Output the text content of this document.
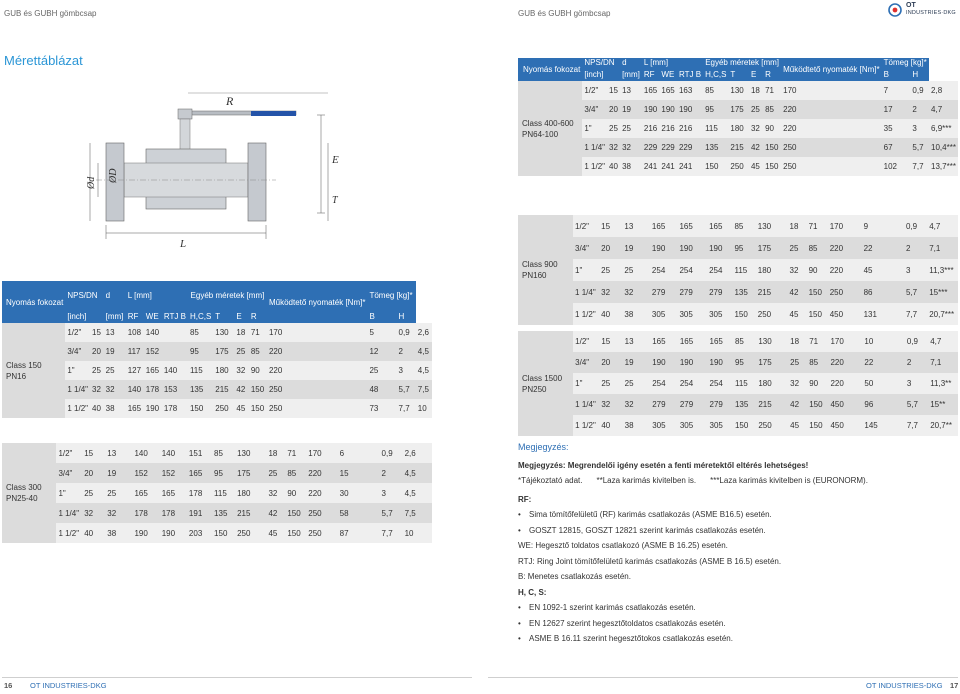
GUB és GUBH gömbcsap	GUB és GUBH gömbcsap
OT
INDUSTRIES·DKG
Mérettáblázat
R
E
T
L
Ød ØD
Nyomás fokozat	NPS/DN		d	L [mm]			Egyéb méretek [mm]				Működtető nyomaték [Nm]*	Tömeg [kg]*		
	[inch]		[mm]	RF	WE	RTJ B	H,C,S	T	E	R		B	H	
Class 400-600 PN64-100	1/2"	15	13	165	165	163	85	130	18	71	170	7	0,9	2,8
	3/4"	20	19	190	190	190	95	175	25	85	220	17	2	4,7
	1"	25	25	216	216	216	115	180	32	90	220	35	3	6,9***
	1 1/4"	32	32	229	229	229	135	215	42	150	250	67	5,7	10,4***
	1 1/2"	40	38	241	241	241	150	250	45	150	250	102	7,7	13,7***
Class 900 PN160	1/2"	15	13	165	165	165	85	130	18	71	170	9	0,9	4,7
	3/4"	20	19	190	190	190	95	175	25	85	220	22	2	7,1
	1"	25	25	254	254	254	115	180	32	90	220	45	3	11,3***
	1 1/4"	32	32	279	279	279	135	215	42	150	250	86	5,7	15***
	1 1/2"	40	38	305	305	305	150	250	45	150	450	131	7,7	20,7***
Class 1500 PN250	1/2"	15	13	165	165	165	85	130	18	71	170	10	0,9	4,7
	3/4"	20	19	190	190	190	95	175	25	85	220	22	2	7,1
	1"	25	25	254	254	254	115	180	32	90	220	50	3	11,3**
	1 1/4"	32	32	279	279	279	135	215	42	150	450	96	5,7	15**
	1 1/2"	40	38	305	305	305	150	250	45	150	450	145	7,7	20,7**
Nyomás fokozat	NPS/DN		d	L [mm]			Egyéb méretek [mm]				Működtető nyomaték [Nm]*	Tömeg [kg]*		
	[inch]		[mm]	RF	WE	RTJ B	H,C,S	T	E	R		B	H	
Class 150 PN16	1/2"	15	13	108	140		85	130	18	71	170	5	0,9	2,6
	3/4"	20	19	117	152		95	175	25	85	220	12	2	4,5
	1"	25	25	127	165	140	115	180	32	90	220	25	3	4,5
	1 1/4"	32	32	140	178	153	135	215	42	150	250	48	5,7	7,5
	1 1/2"	40	38	165	190	178	150	250	45	150	250	73	7,7	10
Class 300 PN25-40	1/2"	15	13	140	140	151	85	130	18	71	170	6	0,9	2,6
	3/4"	20	19	152	152	165	95	175	25	85	220	15	2	4,5
	1"	25	25	165	165	178	115	180	32	90	220	30	3	4,5
	1 1/4"	32	32	178	178	191	135	215	42	150	250	58	5,7	7,5
	1 1/2"	40	38	190	190	203	150	250	45	150	250	87	7,7	10
Megjegyzés:
Megjegyzés: Megrendelői igény esetén a fenti méretektől eltérés lehetséges!
*Tájékoztató adat. **Laza karimás kivitelben is. ***Laza karimás kivitelben is (EURONORM).
RF:
• Sima tömítőfelületű (RF) karimás csatlakozás (ASME B16.5) esetén.
• GOSZT 12815, GOSZT 12821 szerint karimás csatlakozás esetén.
WE: Hegesztő toldatos csatlakozó (ASME B 16.25) esetén.
RTJ: Ring Joint tömítőfelületű karimás csatlakozás (ASME B 16.5) esetén.
B: Menetes csatlakozás esetén.
H, C, S:
• EN 1092-1 szerint karimás csatlakozás esetén.
• EN 12627 szerint hegesztőtoldatos csatlakozás esetén.
• ASME B 16.11 szerint hegesztőtokos csatlakozás esetén.
16 OT INDUSTRIES-DKG	OT INDUSTRIES-DKG 17
